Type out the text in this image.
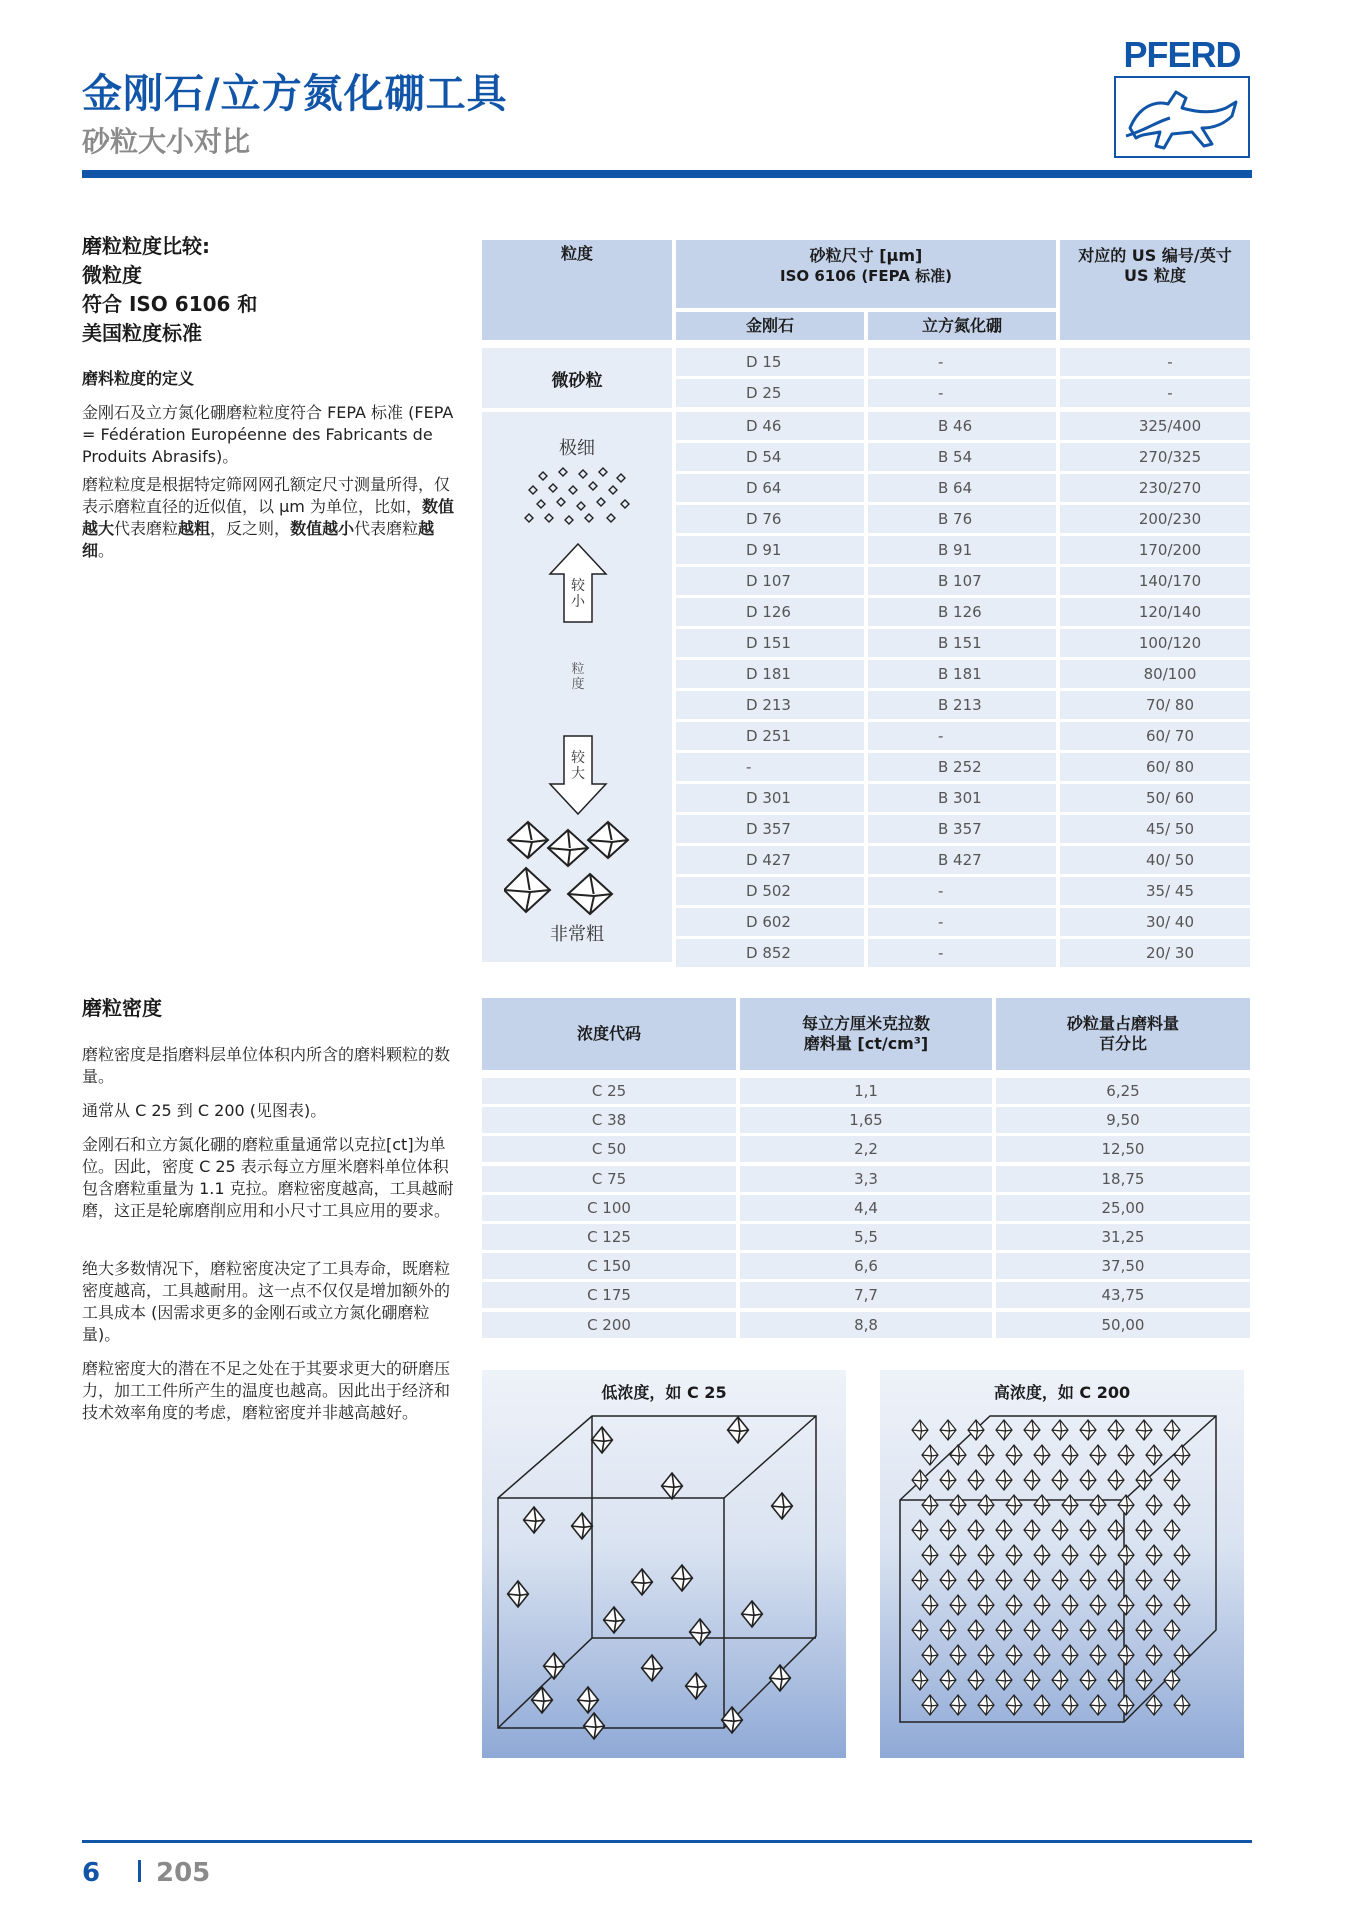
金刚石/立方氮化硼工具
砂粒大小对比
PFERD
磨粒粒度比较:
微粒度
符合 ISO 6106 和
美国粒度标准
磨料粒度的定义
金刚石及立方氮化硼磨粒粒度符合 FEPA 标准 (FEPA = Fédération Européenne des Fabricants de Produits Abrasifs)。
磨粒粒度是根据特定筛网网孔额定尺寸测量所得，仅表示磨粒直径的近似值，以 μm 为单位，比如，数值越大代表磨粒越粗，反之则，数值越小代表磨粒越细。
磨粒密度
磨粒密度是指磨料层单位体积内所含的磨料颗粒的数量。
通常从 C 25 到 C 200 (见图表)。
金刚石和立方氮化硼的磨粒重量通常以克拉[ct]为单位。因此，密度 C 25 表示每立方厘米磨料单位体积包含磨粒重量为 1.1 克拉。磨粒密度越高，工具越耐磨，这正是轮廓磨削应用和小尺寸工具应用的要求。
绝大多数情况下，磨粒密度决定了工具寿命，既磨粒密度越高，工具越耐用。这一点不仅仅是增加额外的工具成本 (因需求更多的金刚石或立方氮化硼磨粒量)。
磨粒密度大的潜在不足之处在于其要求更大的研磨压力，加工工件所产生的温度也越高。因此出于经济和技术效率角度的考虑，磨粒密度并非越高越好。
粒度	砂粒尺寸 [μm]
ISO 6106 (FEPA 标准)
对应的 US 编号/英寸
US 粒度
金刚石	立方氮化硼
微砂粒
D 15	-	-
D 25	-	-
极细
较小
粒度
较大
非常粗
D 46	B 46	325/400
D 54	B 54	270/325
D 64	B 64	230/270
D 76	B 76	200/230
D 91	B 91	170/200
D 107	B 107	140/170
D 126	B 126	120/140
D 151	B 151	100/120
D 181	B 181	80/100
D 213	B 213	70/ 80
D 251	-	60/ 70
-	B 252	60/ 80
D 301	B 301	50/ 60
D 357	B 357	45/ 50
D 427	B 427	40/ 50
D 502	-	35/ 45
D 602	-	30/ 40
D 852	-	20/ 30
浓度代码
每立方厘米克拉数
磨料量 [ct/cm³]
砂粒量占磨料量
百分比
C 25	1,1	6,25
C 38	1,65	9,50
C 50	2,2	12,50
C 75	3,3	18,75
C 100	4,4	25,00
C 125	5,5	31,25
C 150	6,6	37,50
C 175	7,7	43,75
C 200	8,8	50,00
低浓度，如 C 25	高浓度，如 C 200
6 205
